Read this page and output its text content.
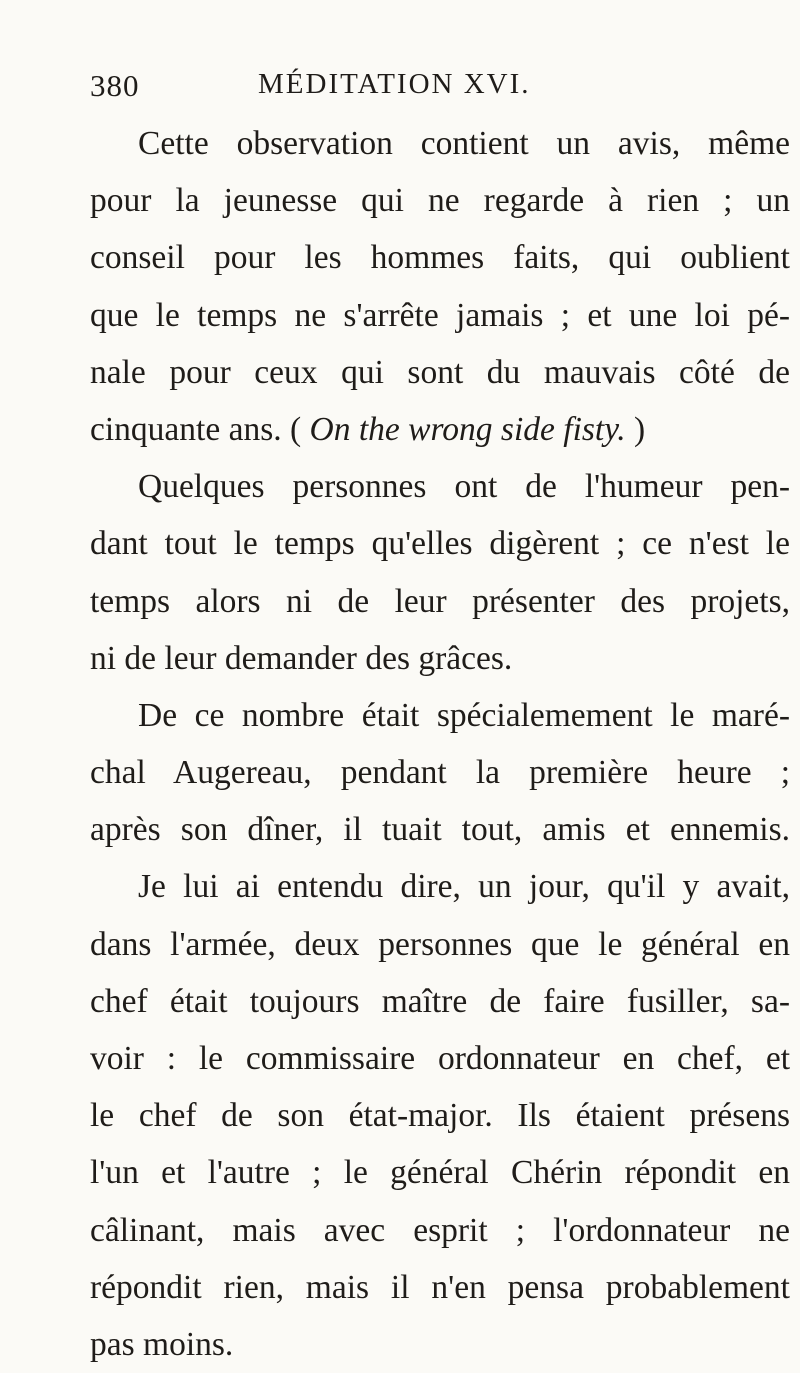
380	MÉDITATION XVI.
Cette observation contient un avis, même
pour la jeunesse qui ne regarde à rien ; un
conseil pour les hommes faits, qui oublient
que le temps ne s'arrête jamais ; et une loi pé-
nale pour ceux qui sont du mauvais côté de
cinquante ans. ( On the wrong side fisty. )
Quelques personnes ont de l'humeur pen-
dant tout le temps qu'elles digèrent ; ce n'est le
temps alors ni de leur présenter des projets,
ni de leur demander des grâces.
De ce nombre était spécialemement le maré-
chal Augereau, pendant la première heure ;
après son dîner, il tuait tout, amis et ennemis.
Je lui ai entendu dire, un jour, qu'il y avait,
dans l'armée, deux personnes que le général en
chef était toujours maître de faire fusiller, sa-
voir : le commissaire ordonnateur en chef, et
le chef de son état-major. Ils étaient présens
l'un et l'autre ; le général Chérin répondit en
câlinant, mais avec esprit ; l'ordonnateur ne
répondit rien, mais il n'en pensa probablement
pas moins.
